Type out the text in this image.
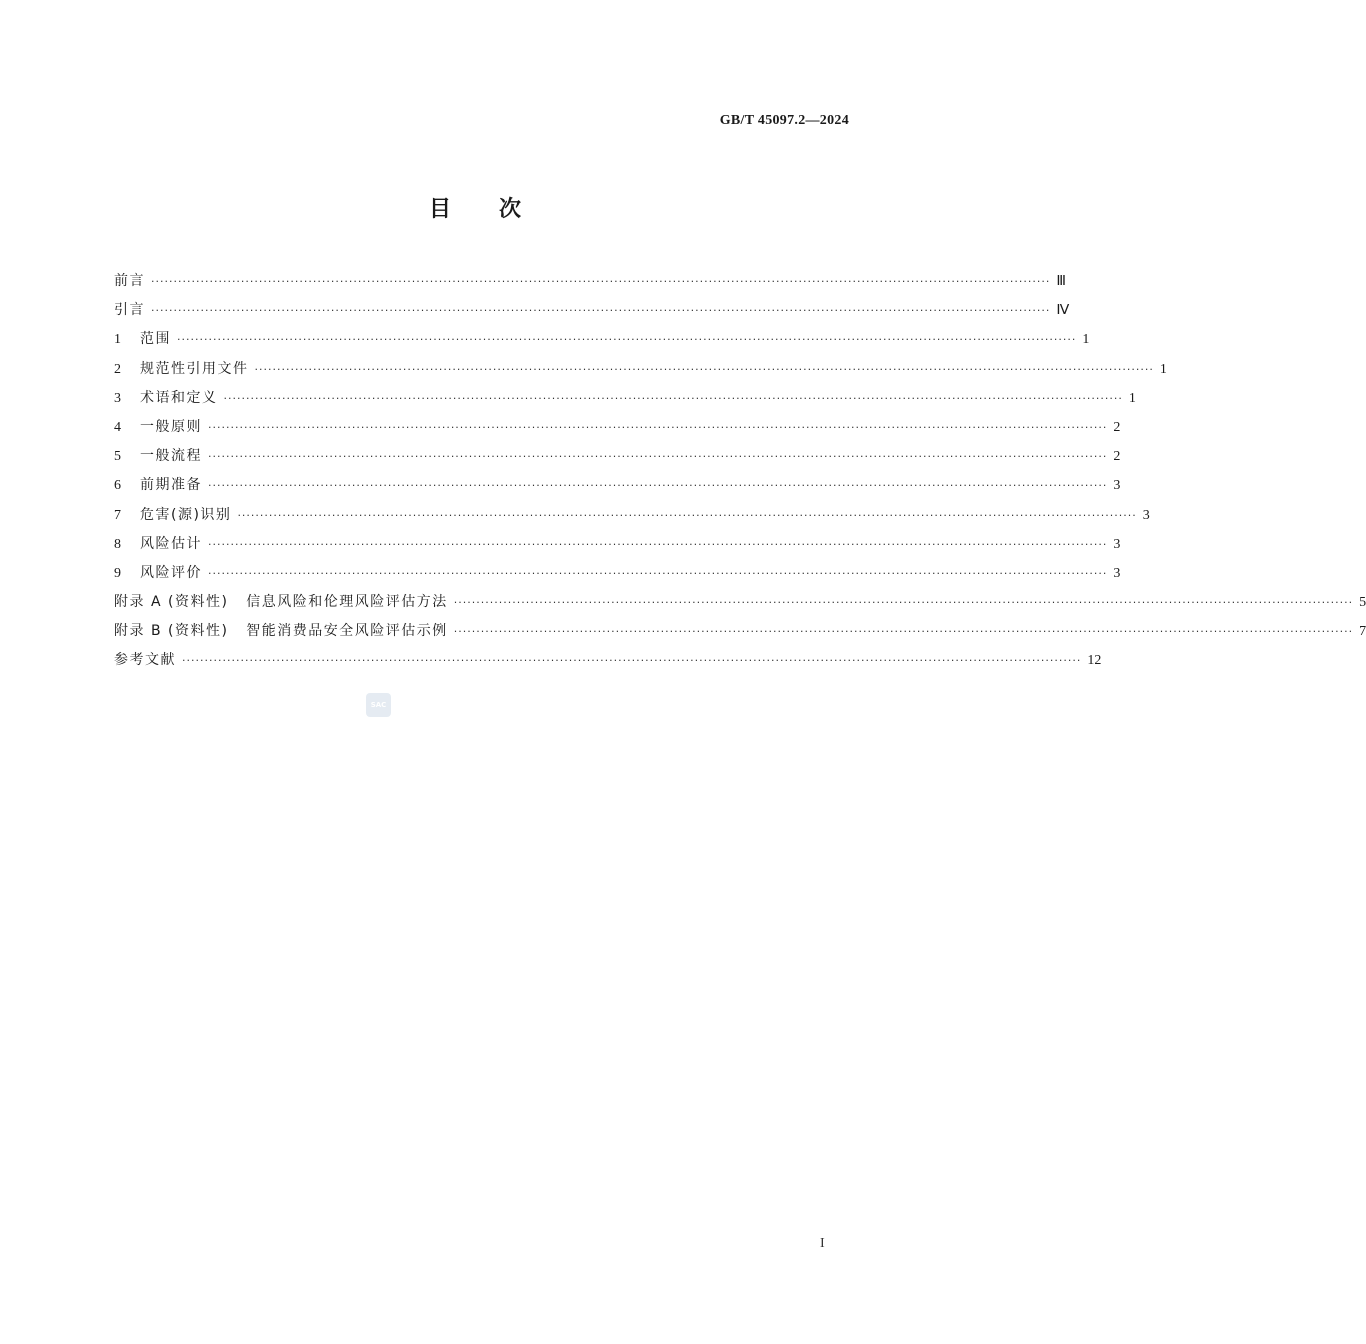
GB/T 45097.2—2024
目次
前言 ········································································································································································································ Ⅲ
引言 ········································································································································································································ Ⅳ
1	范围 ········································································································································································································ 1
2	规范性引用文件 ········································································································································································································ 1
3	术语和定义 ········································································································································································································ 1
4	一般原则 ········································································································································································································ 2
5	一般流程 ········································································································································································································ 2
6	前期准备 ········································································································································································································ 3
7	危害(源)识别 ········································································································································································································ 3
8	风险估计 ········································································································································································································ 3
9	风险评价 ········································································································································································································ 3
附录 A (资料性)   信息风险和伦理风险评估方法 ········································································································································································································ 5
附录 B (资料性)   智能消费品安全风险评估示例 ········································································································································································································ 7
参考文献 ········································································································································································································ 12
SAC
I
